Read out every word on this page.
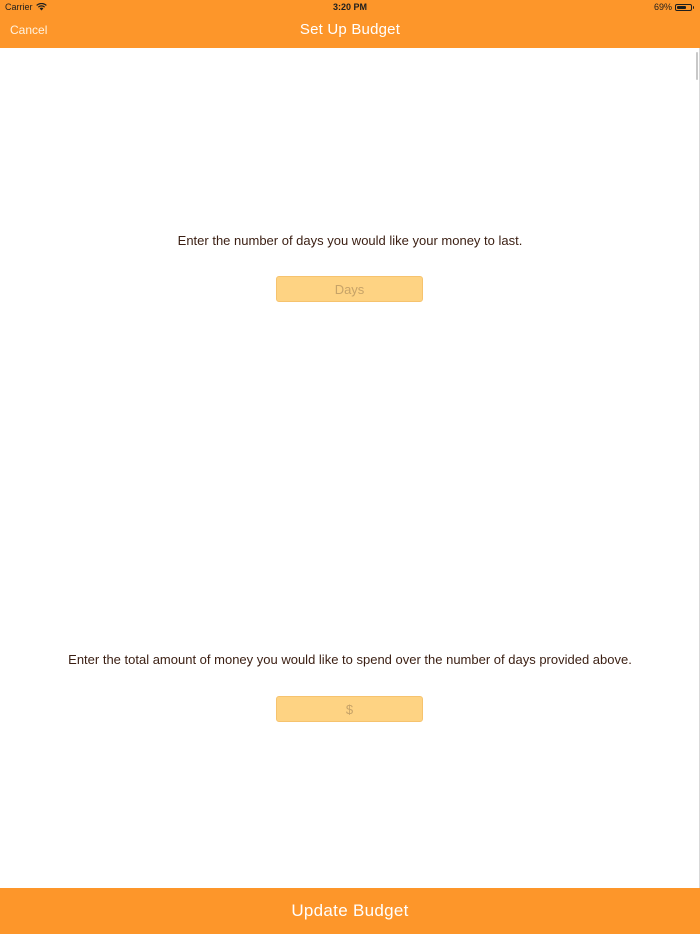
Carrier	3:20 PM	69%
Cancel	Set Up Budget
Enter the number of days you would like your money to last.
Days
Enter the total amount of money you would like to spend over the number of days provided above.
$
Update Budget
